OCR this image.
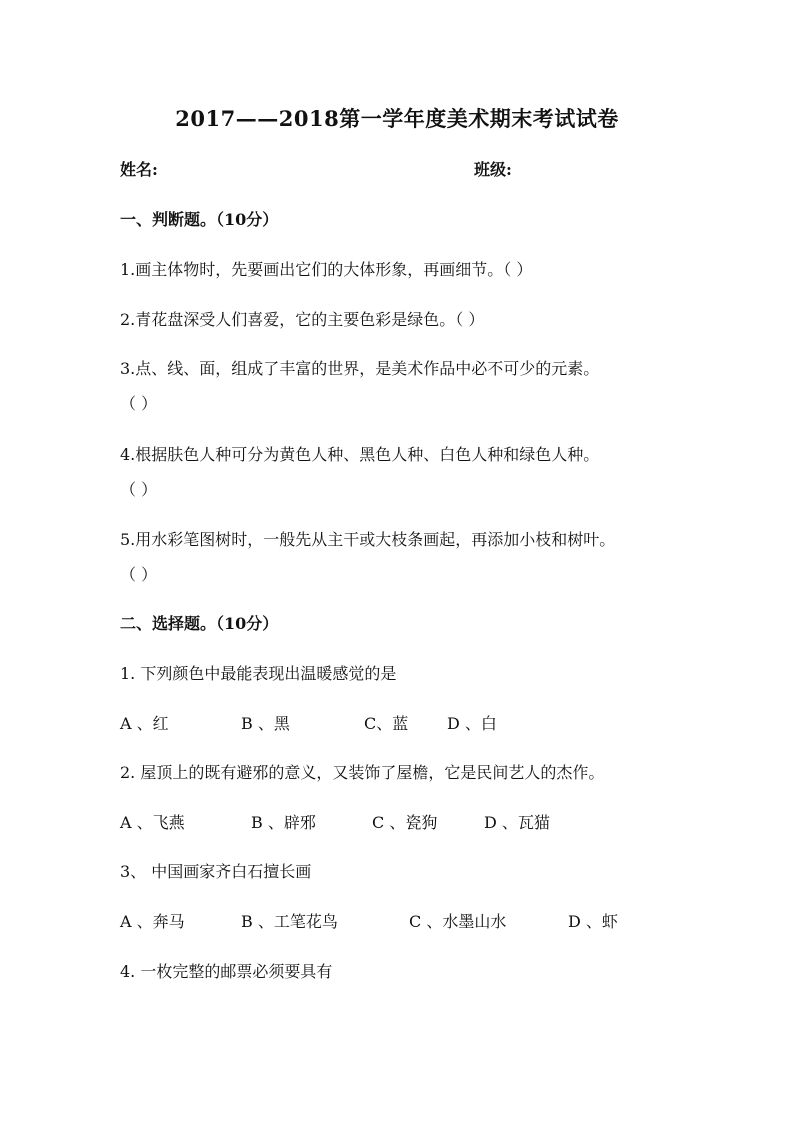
2017——2018第一学年度美术期末考试试卷
姓名:	班级:
一、判断题。（10分）
1.画主体物时，先要画出它们的大体形象，再画细节。（ ）
2.青花盘深受人们喜爱，它的主要色彩是绿色。（ ）
3.点、线、面，组成了丰富的世界，是美术作品中必不可少的元素。
（ ）
4.根据肤色人种可分为黄色人种、黑色人种、白色人种和绿色人种。
（ ）
5.用水彩笔图树时，一般先从主干或大枝条画起，再添加小枝和树叶。
（ ）
二、选择题。（10分）
1. 下列颜色中最能表现出温暖感觉的是
A 、红	B 、黑	C、蓝 D 、白
2. 屋顶上的既有避邪的意义，又装饰了屋檐，它是民间艺人的杰作。
A 、飞燕	B 、辟邪	C 、瓷狗	D 、瓦猫
3、 中国画家齐白石擅长画
A 、奔马	B 、工笔花鸟	C 、水墨山水	D 、虾
4. 一枚完整的邮票必须要具有
